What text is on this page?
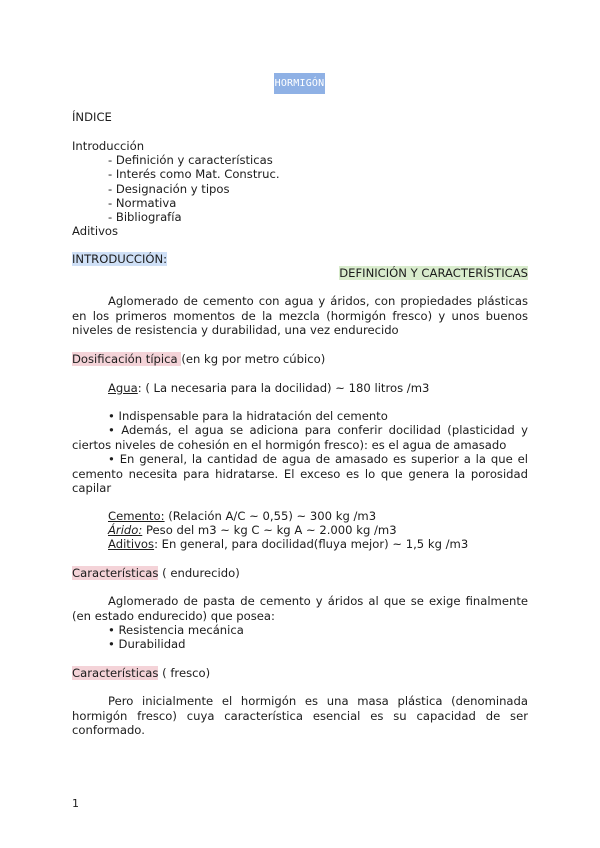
HORMIGÓN
ÍNDICE
Introducción
- Definición y características
- Interés como Mat. Construc.
- Designación y tipos
- Normativa
- Bibliografía
Aditivos
INTRODUCCIÓN:
DEFINICIÓN Y CARACTERÍSTICAS
Aglomerado de cemento con agua y áridos, con propiedades plásticas en los primeros momentos de la mezcla (hormigón fresco) y unos buenos niveles de resistencia y durabilidad, una vez endurecido
Dosificación típica (en kg por metro cúbico)
Agua: ( La necesaria para la docilidad) ~ 180 litros /m3
• Indispensable para la hidratación del cemento
• Además, el agua se adiciona para conferir docilidad (plasticidad y ciertos niveles de cohesión en el hormigón fresco): es el agua de amasado
• En general, la cantidad de agua de amasado es superior a la que el cemento necesita para hidratarse. El exceso es lo que genera la porosidad capilar
Cemento: (Relación A/C ~ 0,55) ~ 300 kg /m3
Árido: Peso del m3 ~ kg C ~ kg A ~ 2.000 kg /m3
Aditivos: En general, para docilidad(fluya mejor) ~ 1,5 kg /m3
Características ( endurecido)
Aglomerado de pasta de cemento y áridos al que se exige finalmente (en estado endurecido) que posea:
• Resistencia mecánica
• Durabilidad
Características ( fresco)
Pero inicialmente el hormigón es una masa plástica (denominada hormigón fresco) cuya característica esencial es su capacidad de ser conformado.
1
